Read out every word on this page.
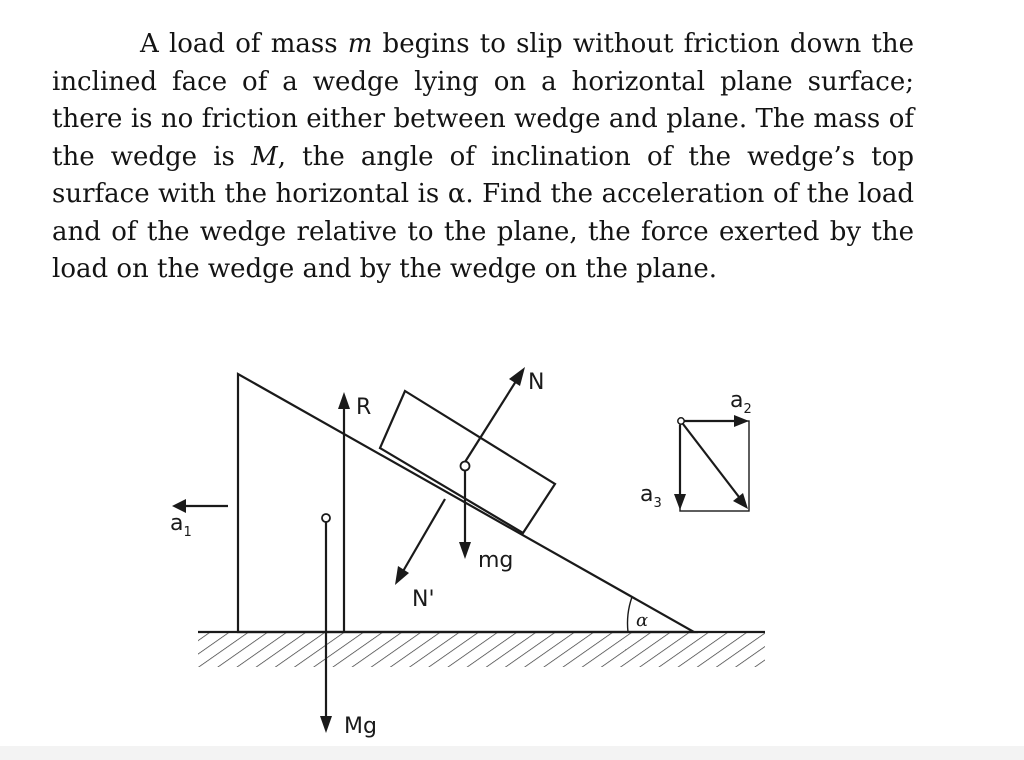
A load of mass m begins to slip without friction down the inclined face of a wedge lying on a horizontal plane surface; there is no friction either between wedge and plane. The mass of the wedge is M, the angle of inclination of the wedge’s top surface with the horizontal is α. Find the acceleration of the load and of the wedge relative to the plane, the force exerted by the load on the wedge and by the wedge on the plane.

$a_1$
Mg
R
N
mg
N'
α
$a_2$
$a_3$
